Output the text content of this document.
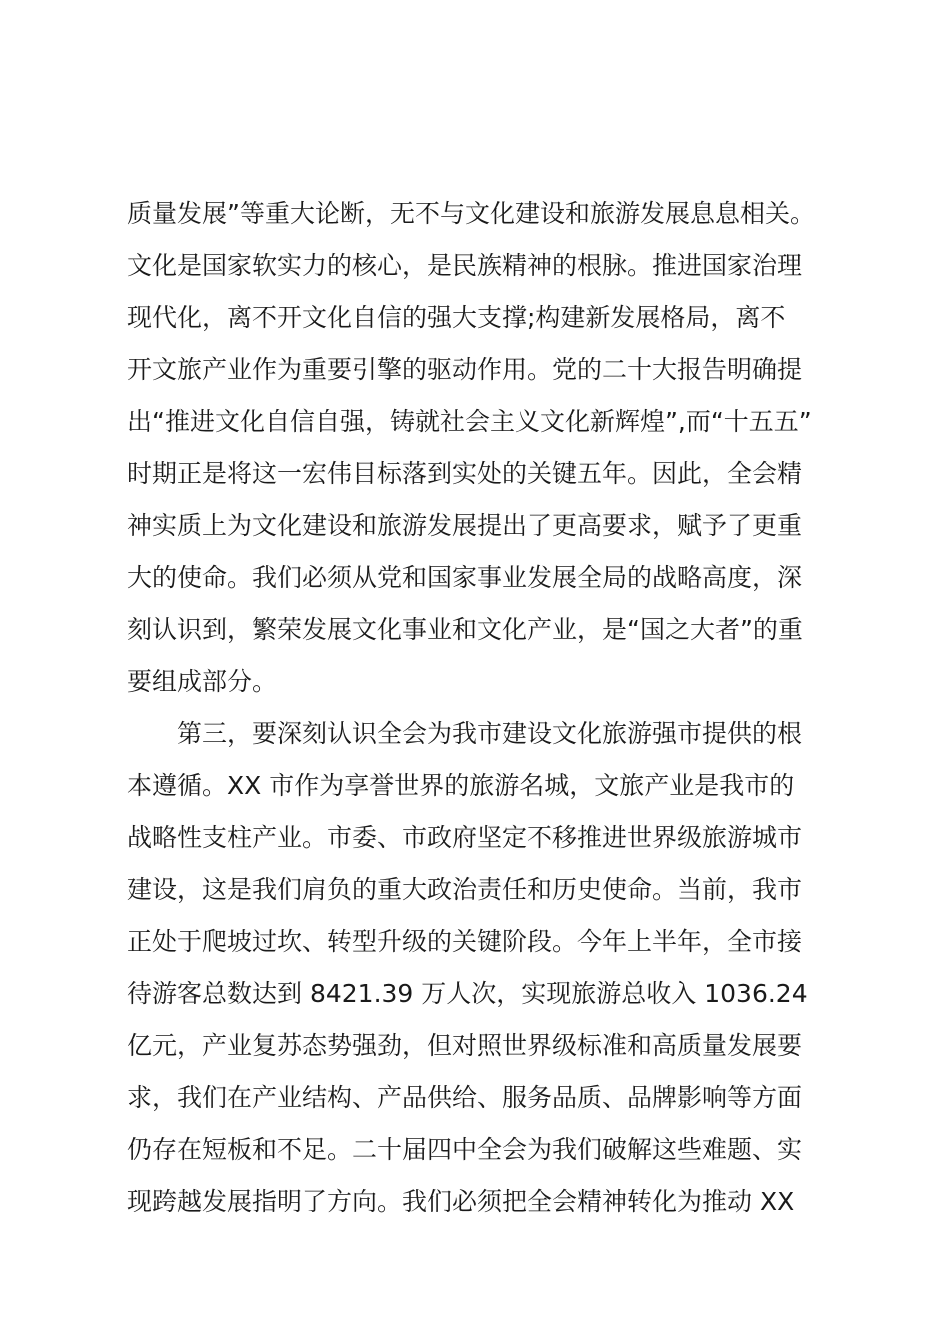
质量发展”等重大论断，无不与文化建设和旅游发展息息相关。
文化是国家软实力的核心，是民族精神的根脉。推进国家治理
现代化，离不开文化自信的强大支撑;构建新发展格局，离不
开文旅产业作为重要引擎的驱动作用。党的二十大报告明确提
出“推进文化自信自强，铸就社会主义文化新辉煌”,而“十五五”
时期正是将这一宏伟目标落到实处的关键五年。因此，全会精
神实质上为文化建设和旅游发展提出了更高要求，赋予了更重
大的使命。我们必须从党和国家事业发展全局的战略高度，深
刻认识到，繁荣发展文化事业和文化产业，是“国之大者”的重
要组成部分。
　　第三，要深刻认识全会为我市建设文化旅游强市提供的根
本遵循。XX 市作为享誉世界的旅游名城，文旅产业是我市的
战略性支柱产业。市委、市政府坚定不移推进世界级旅游城市
建设，这是我们肩负的重大政治责任和历史使命。当前，我市
正处于爬坡过坎、转型升级的关键阶段。今年上半年，全市接
待游客总数达到 8421.39 万人次，实现旅游总收入 1036.24
亿元，产业复苏态势强劲，但对照世界级标准和高质量发展要
求，我们在产业结构、产品供给、服务品质、品牌影响等方面
仍存在短板和不足。二十届四中全会为我们破解这些难题、实
现跨越发展指明了方向。我们必须把全会精神转化为推动 XX
